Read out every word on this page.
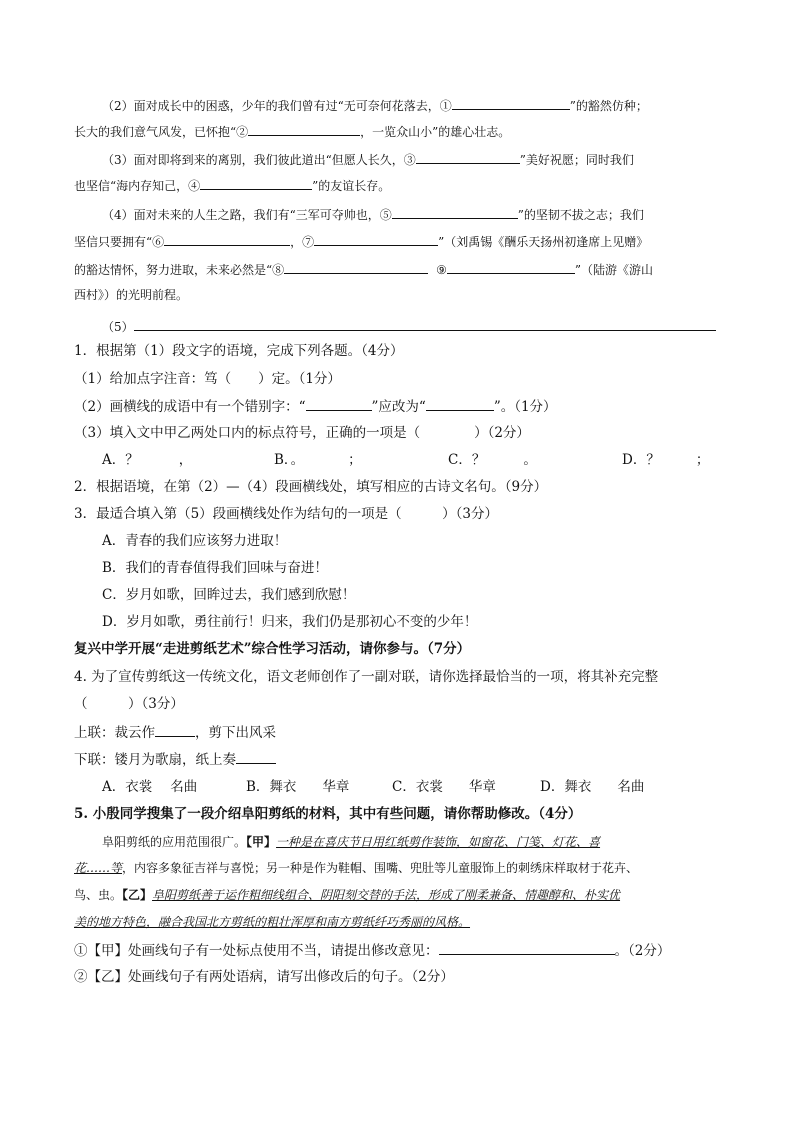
（2）面对成长中的困惑，少年的我们曾有过“无可奈何花落去，①	”的豁然仿种；
长大的我们意气风发，已怀抱“②	，一览众山小”的雄心壮志。
（3）面对即将到来的离别，我们彼此道出“但愿人长久，③	”美好祝愿；同时我们
也坚信“海内存知己，④	”的友谊长存。
（4）面对未来的人生之路，我们有“三军可夺帅也，⑤	”的坚韧不拔之志；我们
坚信只要拥有“⑥	，⑦	”（刘禹锡《酬乐天扬州初逢席上见赠》
的豁达情怀，努力进取，未来必然是“⑧	⑨	”（陆游《游山
西村》）的光明前程。
（5）
1．根据第（1）段文字的语境，完成下列各题。（4分）
（1）给加点字注音：笃（　　）定。（1分）
（2）画横线的成语中有一个错别字：“	”应改为“	”。（1分）
（3）填入文中甲乙两处口内的标点符号，正确的一项是（　　　　）（2分）
A．？	，	B．。	；	C．？	。	D．？	；
2．根据语境，在第（2）—（4）段画横线处，填写相应的古诗文名句。（9分）
3．最适合填入第（5）段画横线处作为结句的一项是（　　　）（3分）
A．青春的我们应该努力进取！
B．我们的青春值得我们回味与奋进！
C．岁月如歌，回眸过去，我们感到欣慰！
D．岁月如歌，勇往前行！归来，我们仍是那初心不变的少年！
复兴中学开展“走进剪纸艺术”综合性学习活动，请你参与。（7分）
4. 为了宣传剪纸这一传统文化，语文老师创作了一副对联，请你选择最恰当的一项，将其补充完整
（　　　）（3分）
上联：裁云作	，剪下出风采
下联：镂月为歌扇，纸上奏
A．衣裳 名曲	B．舞衣 华章	C．衣裳 华章	D．舞衣 名曲
5. 小殷同学搜集了一段介绍阜阳剪纸的材料，其中有些问题，请你帮助修改。（4分）
阜阳剪纸的应用范围很广。【甲】一种是在喜庆节日用红纸剪作装饰，如窗花、门笺、灯花、喜
花……等，内容多象征吉祥与喜悦；另一种是作为鞋帽、围嘴、兜肚等儿童服饰上的刺绣床样取材于花卉、
鸟、虫。【乙】阜阳剪纸善于运作粗细线组合、阴阳刻交替的手法，形成了刚柔兼备、情趣醇和、朴实优
美的地方特色，融合我国北方剪纸的粗壮浑厚和南方剪纸纤巧秀丽的风格。
①【甲】处画线句子有一处标点使用不当，请提出修改意见：	。（2分）
②【乙】处画线句子有两处语病，请写出修改后的句子。（2分）
